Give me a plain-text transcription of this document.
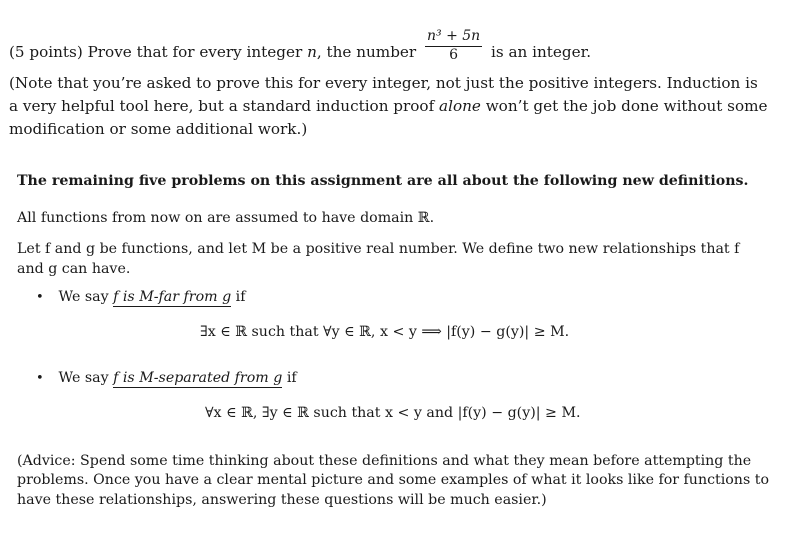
(5 points) Prove that for every integer n, the number $\frac{\text{n³ + 5n}}{6}$ is an integer.
(Note that you’re asked to prove this for every integer, not just the positive integers. Induction is
a very helpful tool here, but a standard induction proof alone won’t get the job done without some
modification or some additional work.)
The remaining five problems on this assignment are all about the following new definitions.
All functions from now on are assumed to have domain ℝ.
Let f and g be functions, and let M be a positive real number. We define two new relationships that f
and g can have.
• We say f is M-far from g if
∃x ∈ ℝ such that ∀y ∈ ℝ, x < y ⟹ |f(y) − g(y)| ≥ M.
• We say f is M-separated from g if
∀x ∈ ℝ, ∃y ∈ ℝ such that x < y and |f(y) − g(y)| ≥ M.
(Advice: Spend some time thinking about these definitions and what they mean before attempting the
problems. Once you have a clear mental picture and some examples of what it looks like for functions to
have these relationships, answering these questions will be much easier.)
